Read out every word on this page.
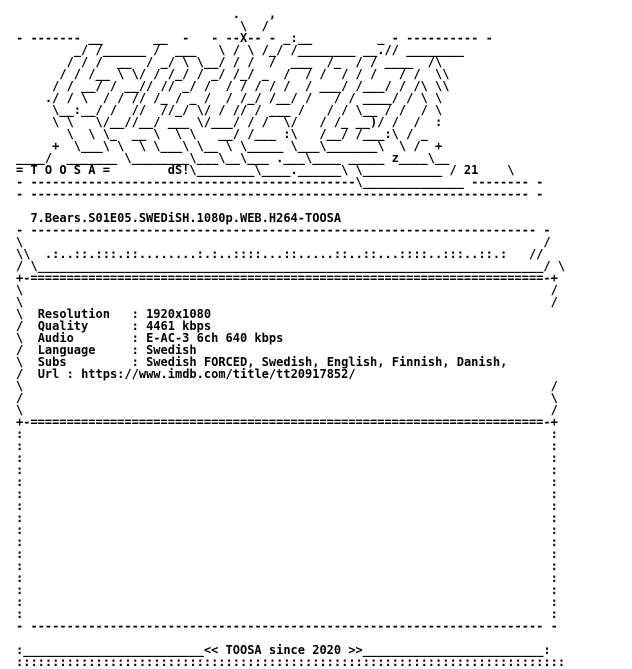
.    ,
\  /
- ------- __       __  -   - --X-- - _:__         _ - ---------- -
_/ /______ /  ___   \ / \ /_/ /________ __.// ________
/ / /  __  / _/ \ \__/ / /  /  ___  /_  / / ____  /\
/ / /__ \ \/ / /_/ / _/ /_/ _  /  / /  / / /   / /  \\
/ / __/ / __// // _/ /  / / / / /  / ___/ /___/ / /\ \\
./ / \  / / // /_ / _ /  / /_/ /__/ /   / / ____/ / \ \
\__:__/ /  //  //_/ \/ / // / ___ /   / / \__ / /  / \
\ \   \/__//__/ ___ \/___/ / /  \/   / /_ __)/ /  /  :
\  \ \_  __ \  \ \   __/ /___ :\   /__/ /___:\ / _
+  \___\ \  \ \___\ \__ \ \_____ \___\_______\  \ /  +
____/  _______ \________\___\__\___ .___\____ _____ z____\__
= T O O S A =        dS!\________\____.______\ \___________ / 21    \
- ---------------------------------------------\______________ -------- -
- --------------------------------------------------------------------- -

7.Bears.S01E05.SWEDiSH.1080p.WEB.H264-TOOSA
- ---------------------------------------------------------------------- -
\                                                                        /
\\  .:..::.:::.::........:.:..::::...::.....::..::...::::..:::..::.:   //
/ \______________________________________________________________________/ \
+-=======================================================================-+
\                                                                         /
\                                                                         /
\  Resolution   : 1920x1080
/  Quality      : 4461 kbps
\  Audio        : E-AC-3 6ch 640 kbps
/  Language     : Swedish
\  Subs         : Swedish FORCED, Swedish, English, Finnish, Danish,
/  Url : https://www.imdb.com/title/tt20917852/
\                                                                         /
/                                                                         \
\                                                                         /
+-=======================================================================-+
:                                                                         :
:                                                                         :
:                                                                         :
:                                                                         :
:                                                                         :
:                                                                         :
:                                                                         :
:                                                                         :
:                                                                         :
:                                                                         :
:                                                                         :
:                                                                         :
:                                                                         :
:                                                                         :
:                                                                         :
:                                                                         :
- ----------------------------------------------------------------------- -

:_________________________<< TOOSA since 2020 >>_________________________:
::::::::::::::::::::::::::::::::::::::::::::::::::::::::::::::::::::::::::::
